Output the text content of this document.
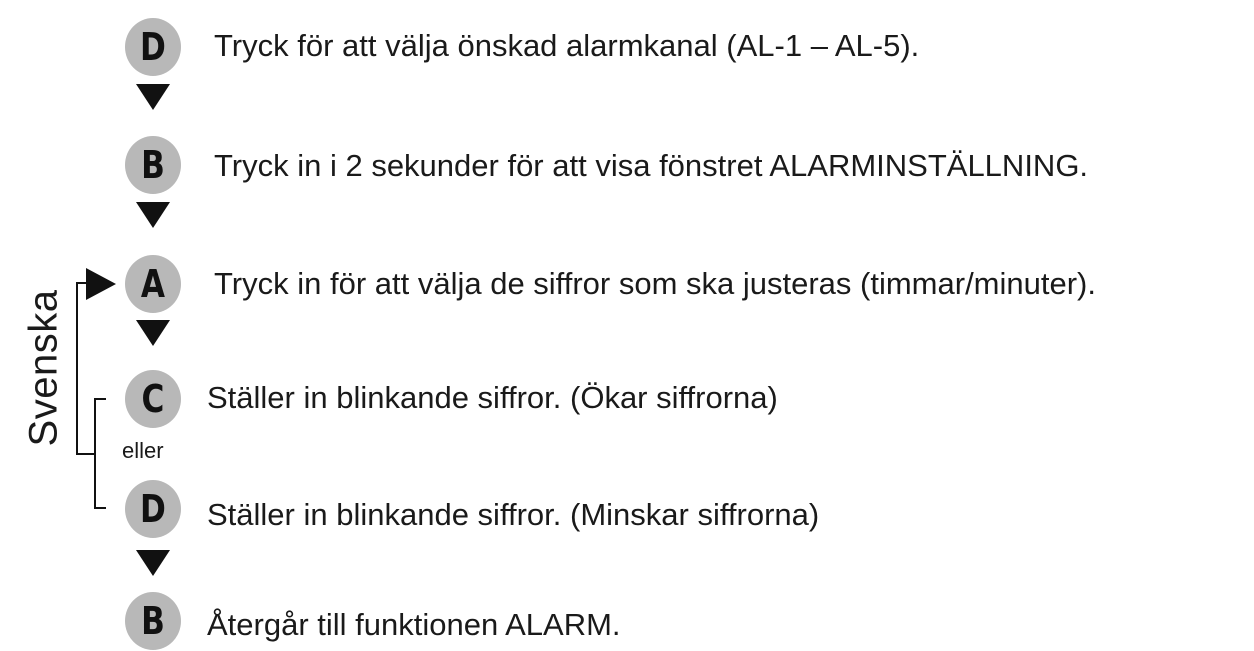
Svenska
D	Tryck för att välja önskad alarmkanal (AL-1 – AL-5).
B	Tryck in i 2 sekunder för att visa fönstret ALARMINSTÄLLNING.
A	Tryck in för att välja de siffror som ska justeras (timmar/minuter).
C	Ställer in blinkande siffror. (Ökar siffrorna)
eller
D	Ställer in blinkande siffror. (Minskar siffrorna)
B	Återgår till funktionen ALARM.
